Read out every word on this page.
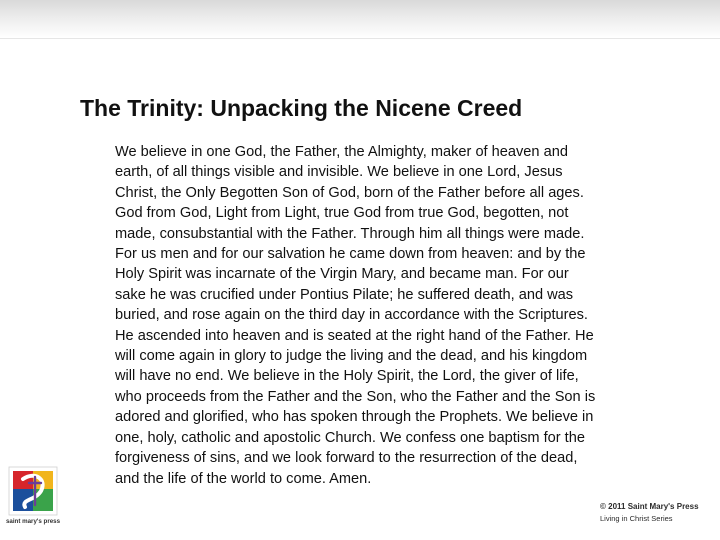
The Trinity: Unpacking the Nicene Creed
We believe in one God, the Father, the Almighty, maker of heaven and
earth, of all things visible and invisible. We believe in one Lord, Jesus
Christ, the Only Begotten Son of God, born of the Father before all ages.
God from God, Light from Light, true God from true God, begotten, not
made, consubstantial with the Father. Through him all things were made.
For us men and for our salvation he came down from heaven: and by the
Holy Spirit was incarnate of the Virgin Mary, and became man. For our
sake he was crucified under Pontius Pilate; he suffered death, and was
buried, and rose again on the third day in accordance with the Scriptures.
He ascended into heaven and is seated at the right hand of the Father. He
will come again in glory to judge the living and the dead, and his kingdom
will have no end. We believe in the Holy Spirit, the Lord, the giver of life,
who proceeds from the Father and the Son, who the Father and the Son is
adored and glorified, who has spoken through the Prophets. We believe in
one, holy, catholic and apostolic Church. We confess one baptism for the
forgiveness of sins, and we look forward to the resurrection of the dead,
and the life of the world to come. Amen.
saint mary's press
© 2011 Saint Mary's Press
Living in Christ Series
